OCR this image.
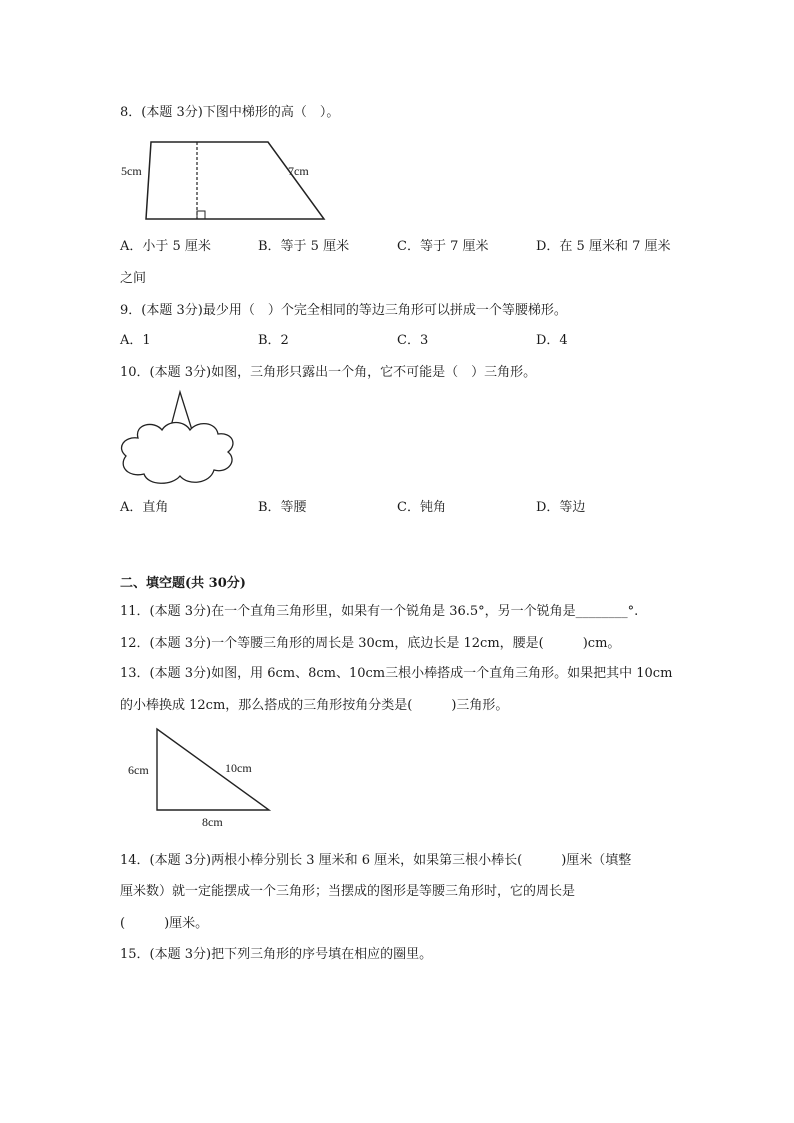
8．(本题 3分)下图中梯形的高（　）。
5cm	7cm
A．小于 5 厘米	B．等于 5 厘米	C．等于 7 厘米	D．在 5 厘米和 7 厘米
之间
9．(本题 3分)最少用（　）个完全相同的等边三角形可以拼成一个等腰梯形。
A．1	B．2	C．3	D．4
10．(本题 3分)如图，三角形只露出一个角，它不可能是（　）三角形。
A．直角	B．等腰	C．钝角	D．等边
二、填空题(共 30分)
11．(本题 3分)在一个直角三角形里，如果有一个锐角是 36.5°，另一个锐角是________°.
12．(本题 3分)一个等腰三角形的周长是 30cm，底边长是 12cm，腰是(　　　)cm。
13．(本题 3分)如图，用 6cm、8cm、10cm三根小棒搭成一个直角三角形。如果把其中 10cm
的小棒换成 12cm，那么搭成的三角形按角分类是(　　　)三角形。
6cm	10cm
8cm
14．(本题 3分)两根小棒分别长 3 厘米和 6 厘米，如果第三根小棒长(　　　)厘米（填整
厘米数）就一定能摆成一个三角形；当摆成的图形是等腰三角形时，它的周长是
(　　　)厘米。
15．(本题 3分)把下列三角形的序号填在相应的圈里。
